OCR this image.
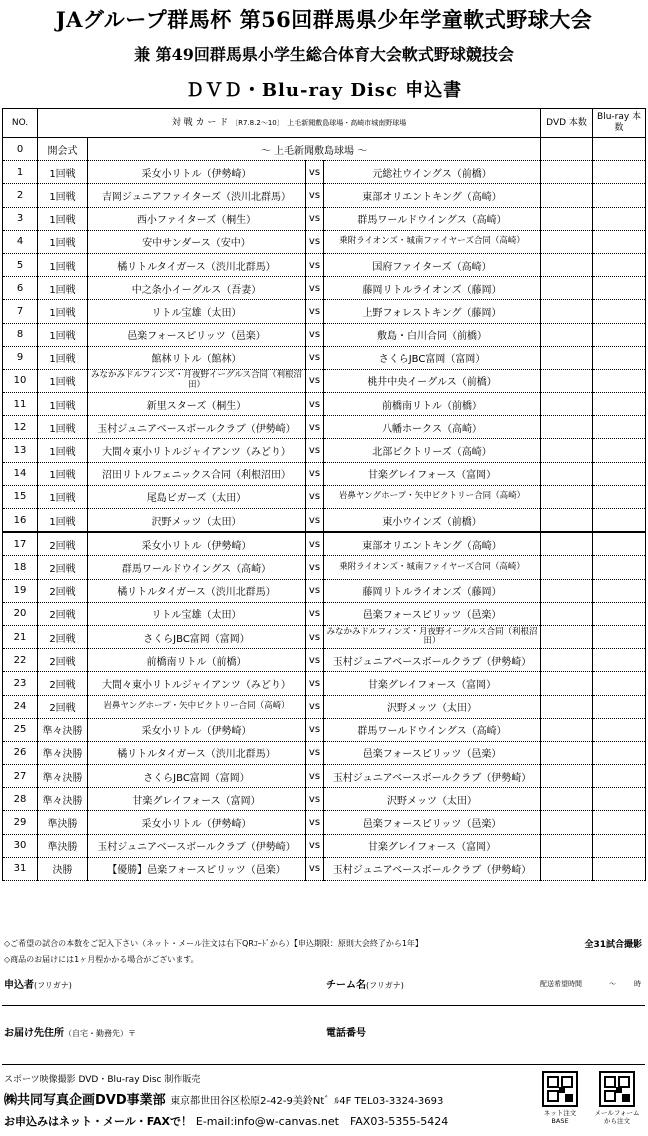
JAグループ群馬杯 第56回群馬県少年学童軟式野球大会
兼 第49回群馬県小学生総合体育大会軟式野球競技会
ＤＶＤ・Blu-ray Disc 申込書
NO.	対 戦 カ ー ド 〔R7.8.2〜10〕　上毛新聞敷島球場・高崎市城南野球場				DVD 本数	Blu-ray 本数
0	開会式	〜 上毛新聞敷島球場 〜				
1	1回戦	采女小リトル（伊勢崎）	vs	元総社ウイングス（前橋）		
2	1回戦	吉岡ジュニアファイターズ（渋川北群馬）	vs	東部オリエントキング（高崎）		
3	1回戦	西小ファイターズ（桐生）	vs	群馬ワールドウイングス（高崎）		
4	1回戦	安中サンダース（安中）	vs	乗附ライオンズ・城南ファイヤーズ合同（高崎）		
5	1回戦	橘リトルタイガース（渋川北群馬）	vs	国府ファイターズ（高崎）		
6	1回戦	中之条小イーグルス（吾妻）	vs	藤岡リトルライオンズ（藤岡）		
7	1回戦	リトル宝雄（太田）	vs	上野フォレストキング（藤岡）		
8	1回戦	邑楽フォースピリッツ（邑楽）	vs	敷島・白川合同（前橋）		
9	1回戦	館林リトル（館林）	vs	さくらJBC富岡（富岡）		
10	1回戦	みなかみドルフィンズ・月夜野イーグルス合同（利根沼田）	vs	桃井中央イーグルス（前橋）		
11	1回戦	新里スターズ（桐生）	vs	前橋南リトル（前橋）		
12	1回戦	玉村ジュニアベースボールクラブ（伊勢崎）	vs	八幡ホークス（高崎）		
13	1回戦	大間々東小リトルジャイアンツ（みどり）	vs	北部ビクトリーズ（高崎）		
14	1回戦	沼田リトルフェニックス合同（利根沼田）	vs	甘楽グレイフォース（富岡）		
15	1回戦	尾島ビガーズ（太田）	vs	岩鼻ヤングホープ・矢中ビクトリー合同（高崎）		
16	1回戦	沢野メッツ（太田）	vs	東小ウインズ（前橋）		
17	2回戦	采女小リトル（伊勢崎）	vs	東部オリエントキング（高崎）		
18	2回戦	群馬ワールドウイングス（高崎）	vs	乗附ライオンズ・城南ファイヤーズ合同（高崎）		
19	2回戦	橘リトルタイガース（渋川北群馬）	vs	藤岡リトルライオンズ（藤岡）		
20	2回戦	リトル宝雄（太田）	vs	邑楽フォースピリッツ（邑楽）		
21	2回戦	さくらJBC富岡（富岡）	vs	みなかみドルフィンズ・月夜野イーグルス合同（利根沼田）		
22	2回戦	前橋南リトル（前橋）	vs	玉村ジュニアベースボールクラブ（伊勢崎）		
23	2回戦	大間々東小リトルジャイアンツ（みどり）	vs	甘楽グレイフォース（富岡）		
24	2回戦	岩鼻ヤングホープ・矢中ビクトリー合同（高崎）	vs	沢野メッツ（太田）		
25	準々決勝	采女小リトル（伊勢崎）	vs	群馬ワールドウイングス（高崎）		
26	準々決勝	橘リトルタイガース（渋川北群馬）	vs	邑楽フォースピリッツ（邑楽）		
27	準々決勝	さくらJBC富岡（富岡）	vs	玉村ジュニアベースボールクラブ（伊勢崎）		
28	準々決勝	甘楽グレイフォース（富岡）	vs	沢野メッツ（太田）		
29	準決勝	采女小リトル（伊勢崎）	vs	邑楽フォースピリッツ（邑楽）		
30	準決勝	玉村ジュニアベースボールクラブ（伊勢崎）	vs	甘楽グレイフォース（富岡）		
31	決勝	【優勝】邑楽フォースピリッツ（邑楽）	vs	玉村ジュニアベースボールクラブ（伊勢崎）		
◇ご希望の試合の本数をご記入下さい（ネット・メール注文は右下QRｺｰﾄﾞから）【申込期限：原則大会終了から1年】	全31試合撮影
◇商品のお届けには1ヶ月程かかる場合がございます。
申込者(フリガナ)	チーム名(フリガナ)	配送希望時間	〜	時
お届け先住所（自宅・勤務先）〒	電話番号
スポーツ映像撮影 DVD・Blu-ray Disc 制作販売
㈱共同写真企画DVD事業部 東京都世田谷区松原2-42-9美鈴Nt゛ﾙ4F TEL03-3324-3693
お申込みはネット・メール・FAXで！ E-mail:info@w-canvas.net　FAX03-5355-5424
ネット注文 BASE
メールフォーム から注文
